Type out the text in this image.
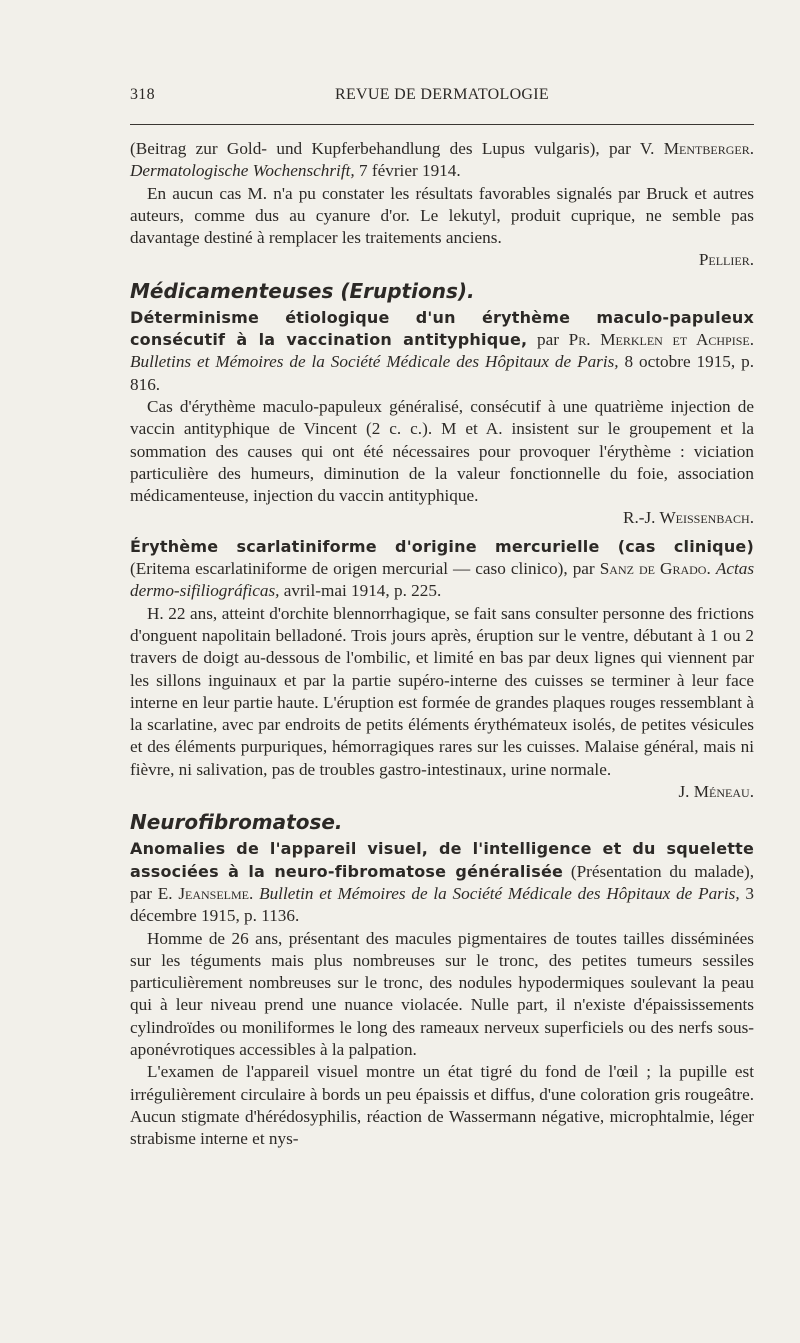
318	REVUE DE DERMATOLOGIE

(Beitrag zur Gold- und Kupferbehandlung des Lupus vulgaris), par V. Mentberger. Dermatologische Wochenschrift, 7 février 1914.

En aucun cas M. n'a pu constater les résultats favorables signalés par Bruck et autres auteurs, comme dus au cyanure d'or. Le lekutyl, produit cuprique, ne semble pas davantage destiné à remplacer les traitements anciens.

Pellier.

Médicamenteuses (Eruptions).

Déterminisme étiologique d'un érythème maculo-papuleux consécutif à la vaccination antityphique, par Pr. Merklen et Achpise. Bulletins et Mémoires de la Société Médicale des Hôpitaux de Paris, 8 octobre 1915, p. 816.

Cas d'érythème maculo-papuleux généralisé, consécutif à une quatrième injection de vaccin antityphique de Vincent (2 c. c.). M et A. insistent sur le groupement et la sommation des causes qui ont été nécessaires pour provoquer l'érythème : viciation particulière des humeurs, diminution de la valeur fonctionnelle du foie, association médicamenteuse, injection du vaccin antityphique.

R.-J. Weissenbach.

Érythème scarlatiniforme d'origine mercurielle (cas clinique) (Eritema escarlatiniforme de origen mercurial — caso clinico), par Sanz de Grado. Actas dermo-sifiliográficas, avril-mai 1914, p. 225.

H. 22 ans, atteint d'orchite blennorrhagique, se fait sans consulter personne des frictions d'onguent napolitain belladoné. Trois jours après, éruption sur le ventre, débutant à 1 ou 2 travers de doigt au-dessous de l'ombilic, et limité en bas par deux lignes qui viennent par les sillons inguinaux et par la partie supéro-interne des cuisses se terminer à leur face interne en leur partie haute. L'éruption est formée de grandes plaques rouges ressemblant à la scarlatine, avec par endroits de petits éléments érythémateux isolés, de petites vésicules et des éléments purpuriques, hémorragiques rares sur les cuisses. Malaise général, mais ni fièvre, ni salivation, pas de troubles gastro-intestinaux, urine normale.

J. Méneau.

Neurofibromatose.

Anomalies de l'appareil visuel, de l'intelligence et du squelette associées à la neuro-fibromatose généralisée (Présentation du malade), par E. Jeanselme. Bulletin et Mémoires de la Société Médicale des Hôpitaux de Paris, 3 décembre 1915, p. 1136.

Homme de 26 ans, présentant des macules pigmentaires de toutes tailles disséminées sur les téguments mais plus nombreuses sur le tronc, des petites tumeurs sessiles particulièrement nombreuses sur le tronc, des nodules hypodermiques soulevant la peau qui à leur niveau prend une nuance violacée. Nulle part, il n'existe d'épaississements cylindroïdes ou moniliformes le long des rameaux nerveux superficiels ou des nerfs sous-aponévrotiques accessibles à la palpation.

L'examen de l'appareil visuel montre un état tigré du fond de l'œil ; la pupille est irrégulièrement circulaire à bords un peu épaissis et diffus, d'une coloration gris rougeâtre. Aucun stigmate d'hérédosyphilis, réaction de Wassermann négative, microphtalmie, léger strabisme interne et nys-
